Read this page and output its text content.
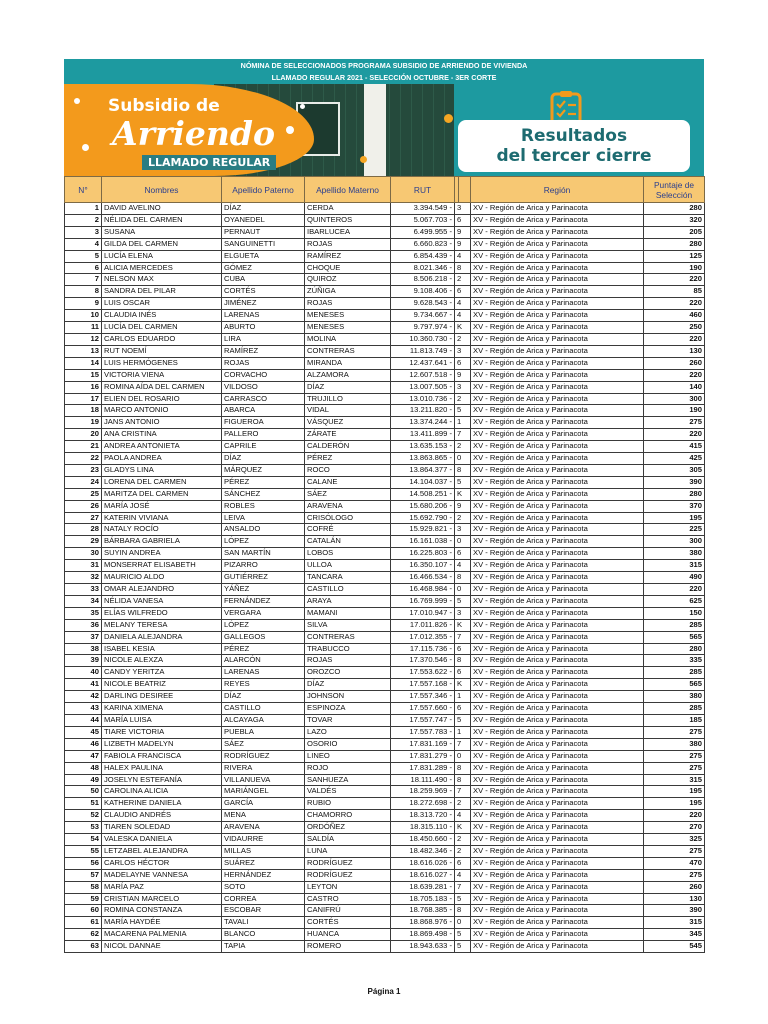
NÓMINA DE SELECCIONADOS PROGRAMA SUBSIDIO DE ARRIENDO DE VIVIENDA
LLAMADO REGULAR 2021 - SELECCIÓN OCTUBRE - 3ER CORTE
Subsidio de
Arriendo
LLAMADO REGULAR
Resultados
del tercer cierre
N°	Nombres	Apellido Paterno	Apellido Materno	RUT			Región	Puntaje de Selección
1	DAVID AVELINO	DÍAZ	CERDA	3.394.549 -	3		XV - Región de Arica y Parinacota	280
2	NÉLIDA DEL CARMEN	OYANEDEL	QUINTEROS	5.067.703 -	6		XV - Región de Arica y Parinacota	320
3	SUSANA	PERNAUT	IBARLUCEA	6.499.955 -	9		XV - Región de Arica y Parinacota	205
4	GILDA DEL CARMEN	SANGUINETTI	ROJAS	6.660.823 -	9		XV - Región de Arica y Parinacota	280
5	LUCÍA ELENA	ELGUETA	RAMÍREZ	6.854.439 -	4		XV - Región de Arica y Parinacota	125
6	ALICIA MERCEDES	GÓMEZ	CHOQUE	8.021.346 -	8		XV - Región de Arica y Parinacota	190
7	NELSON MAX	CUBA	QUIROZ	8.506.218 -	2		XV - Región de Arica y Parinacota	220
8	SANDRA DEL PILAR	CORTÉS	ZÚÑIGA	9.108.406 -	6		XV - Región de Arica y Parinacota	85
9	LUIS OSCAR	JIMÉNEZ	ROJAS	9.628.543 -	4		XV - Región de Arica y Parinacota	220
10	CLAUDIA INÉS	LARENAS	MENESES	9.734.667 -	4		XV - Región de Arica y Parinacota	460
11	LUCÍA DEL CARMEN	ABURTO	MENESES	9.797.974 -	K		XV - Región de Arica y Parinacota	250
12	CARLOS EDUARDO	LIRA	MOLINA	10.360.730 -	2		XV - Región de Arica y Parinacota	220
13	RUT NOEMÍ	RAMÍREZ	CONTRERAS	11.813.749 -	3		XV - Región de Arica y Parinacota	130
14	LUIS HERMÓGENES	ROJAS	MIRANDA	12.437.641 -	6		XV - Región de Arica y Parinacota	260
15	VICTORIA VIENA	CORVACHO	ALZAMORA	12.607.518 -	9		XV - Región de Arica y Parinacota	220
16	ROMINA AÍDA DEL CARMEN	VILDOSO	DÍAZ	13.007.505 -	3		XV - Región de Arica y Parinacota	140
17	ELIEN DEL ROSARIO	CARRASCO	TRUJILLO	13.010.736 -	2		XV - Región de Arica y Parinacota	300
18	MARCO ANTONIO	ABARCA	VIDAL	13.211.820 -	5		XV - Región de Arica y Parinacota	190
19	JANS ANTONIO	FIGUEROA	VÁSQUEZ	13.374.244 -	1		XV - Región de Arica y Parinacota	275
20	ANA CRISTINA	PALLERO	ZÁRATE	13.411.899 -	7		XV - Región de Arica y Parinacota	220
21	ANDREA ANTONIETA	CAPRILE	CALDERÓN	13.635.153 -	2		XV - Región de Arica y Parinacota	415
22	PAOLA ANDREA	DÍAZ	PÉREZ	13.863.865 -	0		XV - Región de Arica y Parinacota	425
23	GLADYS LINA	MÁRQUEZ	ROCO	13.864.377 -	8		XV - Región de Arica y Parinacota	305
24	LORENA DEL CARMEN	PÉREZ	CALANE	14.104.037 -	5		XV - Región de Arica y Parinacota	390
25	MARITZA DEL CARMEN	SÁNCHEZ	SÁEZ	14.508.251 -	K		XV - Región de Arica y Parinacota	280
26	MARÍA JOSÉ	ROBLES	ARAVENA	15.680.206 -	9		XV - Región de Arica y Parinacota	370
27	KATERIN VIVIANA	LEIVA	CRISÓLOGO	15.692.790 -	2		XV - Región de Arica y Parinacota	195
28	NATALY ROCÍO	ANSALDO	COFRÉ	15.929.821 -	3		XV - Región de Arica y Parinacota	225
29	BÁRBARA GABRIELA	LÓPEZ	CATALÁN	16.161.038 -	0		XV - Región de Arica y Parinacota	300
30	SUYIN ANDREA	SAN MARTÍN	LOBOS	16.225.803 -	6		XV - Región de Arica y Parinacota	380
31	MONSERRAT ELISABETH	PIZARRO	ULLOA	16.350.107 -	4		XV - Región de Arica y Parinacota	315
32	MAURICIO ALDO	GUTIÉRREZ	TANCARA	16.466.534 -	8		XV - Región de Arica y Parinacota	490
33	OMAR ALEJANDRO	YÁÑEZ	CASTILLO	16.468.984 -	0		XV - Región de Arica y Parinacota	220
34	NÉLIDA VANESA	FERNÁNDEZ	ARAYA	16.769.999 -	5		XV - Región de Arica y Parinacota	625
35	ELÍAS WILFREDO	VERGARA	MAMANI	17.010.947 -	3		XV - Región de Arica y Parinacota	150
36	MELANY TERESA	LÓPEZ	SILVA	17.011.826 -	K		XV - Región de Arica y Parinacota	285
37	DANIELA ALEJANDRA	GALLEGOS	CONTRERAS	17.012.355 -	7		XV - Región de Arica y Parinacota	565
38	ISABEL KESIA	PÉREZ	TRABUCCO	17.115.736 -	6		XV - Región de Arica y Parinacota	280
39	NICOLE ALEXZA	ALARCÓN	ROJAS	17.370.546 -	8		XV - Región de Arica y Parinacota	335
40	CANDY YERITZA	LARENAS	OROZCO	17.553.622 -	6		XV - Región de Arica y Parinacota	285
41	NICOLE BEATRIZ	REYES	DÍAZ	17.557.168 -	K		XV - Región de Arica y Parinacota	565
42	DARLING DESIREE	DÍAZ	JOHNSON	17.557.346 -	1		XV - Región de Arica y Parinacota	380
43	KARINA XIMENA	CASTILLO	ESPINOZA	17.557.660 -	6		XV - Región de Arica y Parinacota	285
44	MARÍA LUISA	ALCAYAGA	TOVAR	17.557.747 -	5		XV - Región de Arica y Parinacota	185
45	TIARE VICTORIA	PUEBLA	LAZO	17.557.783 -	1		XV - Región de Arica y Parinacota	275
46	LIZBETH MADELYN	SÁEZ	OSORIO	17.831.169 -	7		XV - Región de Arica y Parinacota	380
47	FABIOLA FRANCISCA	RODRÍGUEZ	LINEO	17.831.279 -	0		XV - Región de Arica y Parinacota	275
48	HALEX PAULINA	RIVERA	ROJO	17.831.289 -	8		XV - Región de Arica y Parinacota	275
49	JOSELYN ESTEFANÍA	VILLANUEVA	SANHUEZA	18.111.490 -	8		XV - Región de Arica y Parinacota	315
50	CAROLINA ALICIA	MARIÁNGEL	VALDÉS	18.259.969 -	7		XV - Región de Arica y Parinacota	195
51	KATHERINE DANIELA	GARCÍA	RUBIO	18.272.698 -	2		XV - Región de Arica y Parinacota	195
52	CLAUDIO ANDRÉS	MENA	CHAMORRO	18.313.720 -	4		XV - Región de Arica y Parinacota	220
53	TIAREN SOLEDAD	ARAVENA	ORDÓÑEZ	18.315.110 -	K		XV - Región de Arica y Parinacota	270
54	VALESKA DANIELA	VIDAURRE	SALDÍA	18.450.660 -	2		XV - Región de Arica y Parinacota	325
55	LETZABEL ALEJANDRA	MILLAS	LUNA	18.482.346 -	2		XV - Región de Arica y Parinacota	275
56	CARLOS HÉCTOR	SUÁREZ	RODRÍGUEZ	18.616.026 -	6		XV - Región de Arica y Parinacota	470
57	MADELAYNE VANNESA	HERNÁNDEZ	RODRÍGUEZ	18.616.027 -	4		XV - Región de Arica y Parinacota	275
58	MARÍA PAZ	SOTO	LEYTON	18.639.281 -	7		XV - Región de Arica y Parinacota	260
59	CRISTIAN MARCELO	CORREA	CASTRO	18.705.183 -	5		XV - Región de Arica y Parinacota	130
60	ROMINA CONSTANZA	ESCOBAR	CANIFRÚ	18.768.385 -	8		XV - Región de Arica y Parinacota	390
61	MARÍA HAYDÉE	TAVALI	CORTÉS	18.868.976 -	0		XV - Región de Arica y Parinacota	315
62	MACARENA PALMENIA	BLANCO	HUANCA	18.869.498 -	5		XV - Región de Arica y Parinacota	345
63	NICOL DANNAE	TAPIA	ROMERO	18.943.633 -	5		XV - Región de Arica y Parinacota	545
Página 1
